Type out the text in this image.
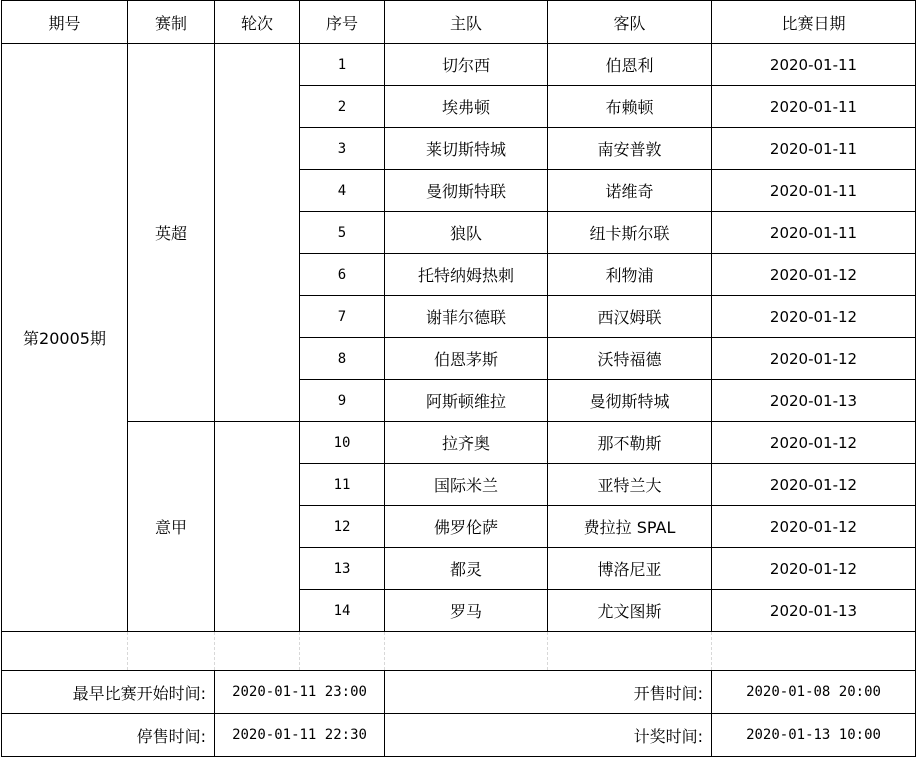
期号	赛制	轮次	序号	主队	客队	比赛日期
第20005期	英超		1	切尔西	伯恩利	2020-01-11
			2	埃弗顿	布赖顿	2020-01-11
			3	莱切斯特城	南安普敦	2020-01-11
			4	曼彻斯特联	诺维奇	2020-01-11
			5	狼队	纽卡斯尔联	2020-01-11
			6	托特纳姆热刺	利物浦	2020-01-12
			7	谢菲尔德联	西汉姆联	2020-01-12
			8	伯恩茅斯	沃特福德	2020-01-12
			9	阿斯顿维拉	曼彻斯特城	2020-01-13
	意甲		10	拉齐奥	那不勒斯	2020-01-12
			11	国际米兰	亚特兰大	2020-01-12
			12	佛罗伦萨	费拉拉 SPAL	2020-01-12
			13	都灵	博洛尼亚	2020-01-12
			14	罗马	尤文图斯	2020-01-13

最早比赛开始时间:		2020-01-11 23:00		开售时间:		2020-01-08 20:00
停售时间:		2020-01-11 22:30		计奖时间:		2020-01-13 10:00
